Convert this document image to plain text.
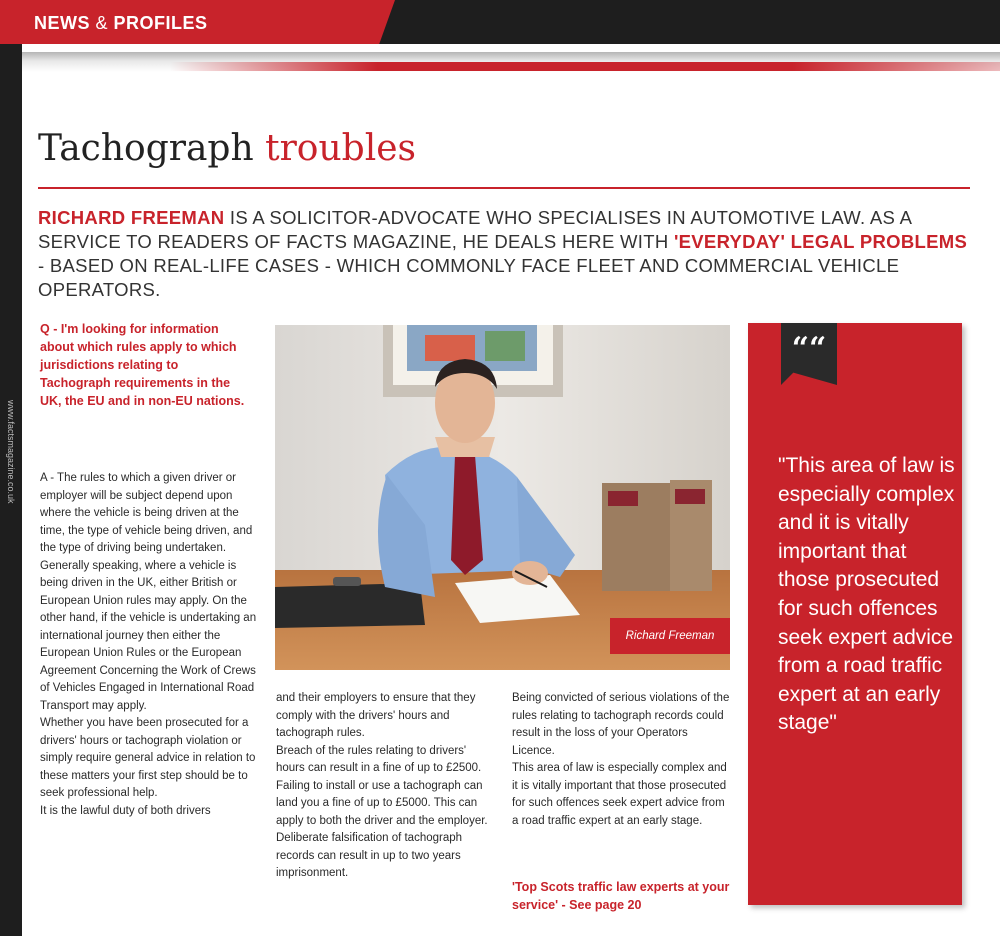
NEWS & PROFILES
www.factsmagazine.co.uk
Tachograph troubles
RICHARD FREEMAN IS A SOLICITOR-ADVOCATE WHO SPECIALISES IN AUTOMOTIVE LAW. AS A SERVICE TO READERS OF FACTS MAGAZINE, HE DEALS HERE WITH 'EVERYDAY' LEGAL PROBLEMS - BASED ON REAL-LIFE CASES - WHICH COMMONLY FACE FLEET AND COMMERCIAL VEHICLE OPERATORS.
Q - I'm looking for information about which rules apply to which jurisdictions relating to Tachograph requirements in the UK, the EU and in non-EU nations.
A - The rules to which a given driver or employer will be subject depend upon where the vehicle is being driven at the time, the type of vehicle being driven, and the type of driving being undertaken.
Generally speaking, where a vehicle is being driven in the UK, either British or European Union rules may apply. On the other hand, if the vehicle is undertaking an international journey then either the European Union Rules or the European Agreement Concerning the Work of Crews of Vehicles Engaged in International Road Transport may apply.
Whether you have been prosecuted for a drivers' hours or tachograph violation or simply require general advice in relation to these matters your first step should be to seek professional help.
It is the lawful duty of both drivers
Richard Freeman
and their employers to ensure that they comply with the drivers' hours and tachograph rules.
Breach of the rules relating to drivers' hours can result in a fine of up to £2500. Failing to install or use a tachograph can land you a fine of up to £5000. This can apply to both the driver and the employer.
Deliberate falsification of tachograph records can result in up to two years imprisonment.
Being convicted of serious violations of the rules relating to tachograph records could result in the loss of your Operators Licence.
This area of law is especially complex and it is vitally important that those prosecuted for such offences seek expert advice from a road traffic expert at an early stage.
'Top Scots traffic law experts at your service' - See page 20
““
"This area of law is especially complex and it is vitally important that those prosecuted for such offences seek expert advice from a road traffic expert at an early stage"
